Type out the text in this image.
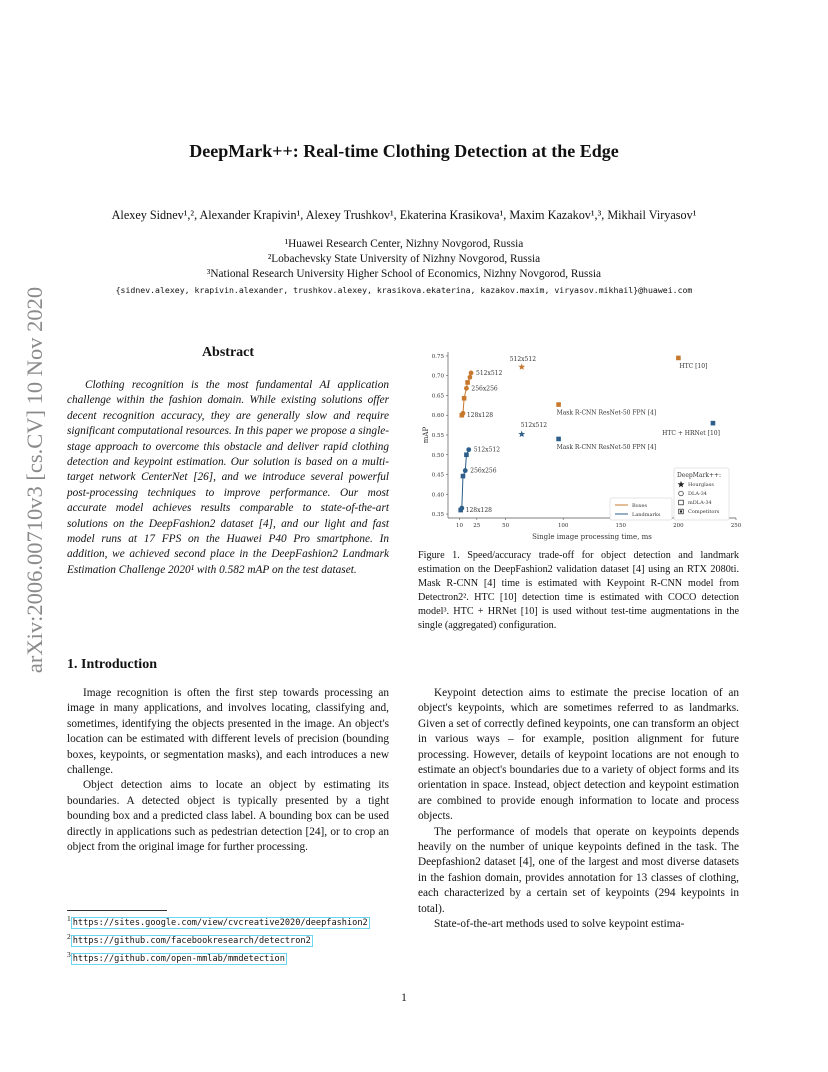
arXiv:2006.00710v3 [cs.CV] 10 Nov 2020
DeepMark++: Real-time Clothing Detection at the Edge
Alexey Sidnev¹,², Alexander Krapivin¹, Alexey Trushkov¹, Ekaterina Krasikova¹, Maxim Kazakov¹,³, Mikhail Viryasov¹
¹Huawei Research Center, Nizhny Novgorod, Russia
²Lobachevsky State University of Nizhny Novgorod, Russia
³National Research University Higher School of Economics, Nizhny Novgorod, Russia
{sidnev.alexey, krapivin.alexander, trushkov.alexey, krasikova.ekaterina, kazakov.maxim, viryasov.mikhail}@huawei.com
Abstract

Clothing recognition is the most fundamental AI application challenge within the fashion domain. While existing solutions offer decent recognition accuracy, they are generally slow and require significant computational resources. In this paper we propose a single-stage approach to overcome this obstacle and deliver rapid clothing detection and keypoint estimation. Our solution is based on a multi-target network CenterNet [26], and we introduce several powerful post-processing techniques to improve performance. Our most accurate model achieves results comparable to state-of-the-art solutions on the DeepFashion2 dataset [4], and our light and fast model runs at 17 FPS on the Huawei P40 Pro smartphone. In addition, we achieved second place in the DeepFashion2 Landmark Estimation Challenge 2020¹ with 0.582 mAP on the test dataset.

1. Introduction

Image recognition is often the first step towards processing an image in many applications, and involves locating, classifying and, sometimes, identifying the objects presented in the image. An object's location can be estimated with different levels of precision (bounding boxes, keypoints, or segmentation masks), and each introduces a new challenge.

Object detection aims to locate an object by estimating its boundaries. A detected object is typically presented by a tight bounding box and a predicted class label. A bounding box can be used directly in applications such as pedestrian detection [24], or to crop an object from the original image for further processing.

$^1$ https://sites.google.com/view/cvcreative2020/deepfashion2
$^2$ https://github.com/facebookresearch/detectron2
$^3$ https://github.com/open-mmlab/mmdetection
0.35
0.40
0.45
0.50
0.55
0.60
0.65
0.70
0.75
10 25	50	100	150	200	250
Single image processing time, ms
mAP
128x128
256x256
512x512
128x128
256x256
512x512
512x512
512x512
Mask R-CNN ResNet-50 FPN [4]
Mask R-CNN ResNet-50 FPN [4]
HTC [10]
HTC + HRNet [10]
Boxes
Landmarks
DeepMark++:
Hourglass
DLA-34
mDLA-34
Competitors
Figure 1. Speed/accuracy trade-off for object detection and landmark estimation on the DeepFashion2 validation dataset [4] using an RTX 2080ti. Mask R-CNN [4] time is estimated with Keypoint R-CNN model from Detectron2². HTC [10] detection time is estimated with COCO detection model³. HTC + HRNet [10] is used without test-time augmentations in the single (aggregated) configuration.

Keypoint detection aims to estimate the precise location of an object's keypoints, which are sometimes referred to as landmarks. Given a set of correctly defined keypoints, one can transform an object in various ways – for example, position alignment for future processing. However, details of keypoint locations are not enough to estimate an object's boundaries due to a variety of object forms and its orientation in space. Instead, object detection and keypoint estimation are combined to provide enough information to locate and process objects.

The performance of models that operate on keypoints depends heavily on the number of unique keypoints defined in the task. The Deepfashion2 dataset [4], one of the largest and most diverse datasets in the fashion domain, provides annotation for 13 classes of clothing, each characterized by a certain set of keypoints (294 keypoints in total).

State-of-the-art methods used to solve keypoint estima-

1
